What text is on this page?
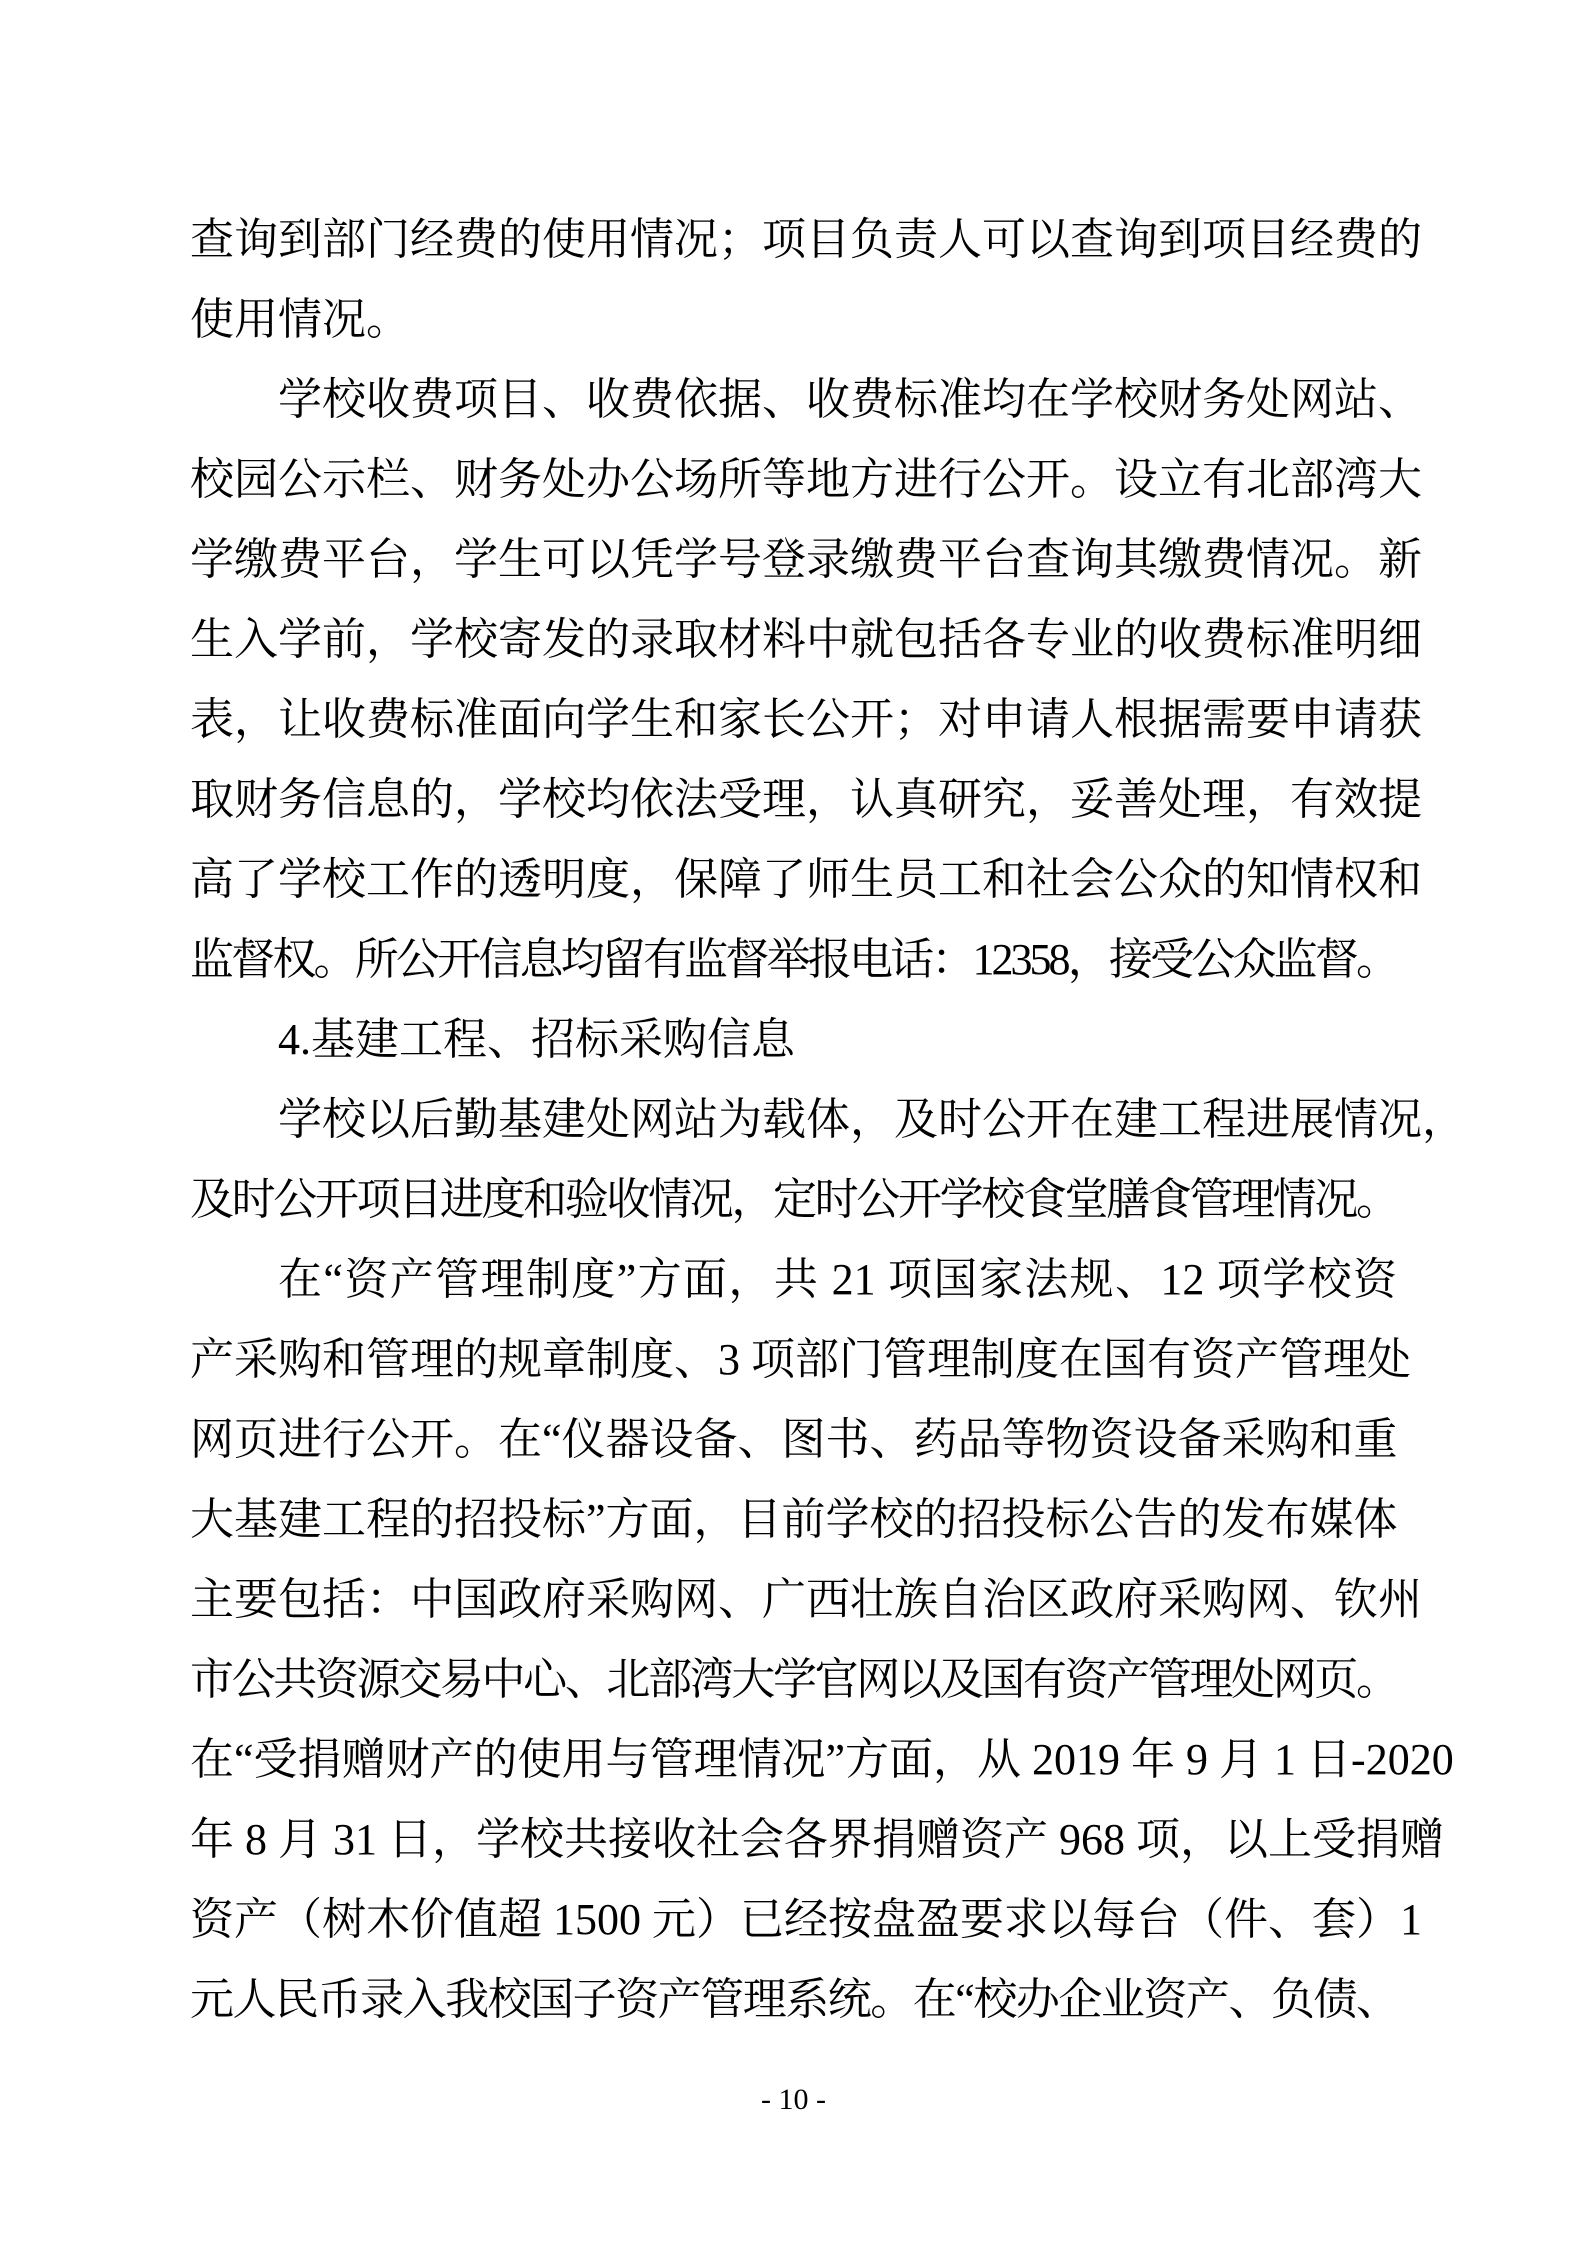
查询到部门经费的使用情况；项目负责人可以查询到项目经费的
使用情况。
学校收费项目、收费依据、收费标准均在学校财务处网站、
校园公示栏、财务处办公场所等地方进行公开。设立有北部湾大
学缴费平台，学生可以凭学号登录缴费平台查询其缴费情况。新
生入学前，学校寄发的录取材料中就包括各专业的收费标准明细
表，让收费标准面向学生和家长公开；对申请人根据需要申请获
取财务信息的，学校均依法受理，认真研究，妥善处理，有效提
高了学校工作的透明度，保障了师生员工和社会公众的知情权和
监督权。所公开信息均留有监督举报电话：12358，接受公众监督。
4.基建工程、招标采购信息
学校以后勤基建处网站为载体，及时公开在建工程进展情况，
及时公开项目进度和验收情况，定时公开学校食堂膳食管理情况。
在“资产管理制度”方面，共 21 项国家法规、12 项学校资
产采购和管理的规章制度、3 项部门管理制度在国有资产管理处
网页进行公开。在“仪器设备、图书、药品等物资设备采购和重
大基建工程的招投标”方面，目前学校的招投标公告的发布媒体
主要包括：中国政府采购网、广西壮族自治区政府采购网、钦州
市公共资源交易中心、北部湾大学官网以及国有资产管理处网页。
在“受捐赠财产的使用与管理情况”方面，从 2019 年 9 月 1 日-2020
年 8 月 31 日，学校共接收社会各界捐赠资产 968 项，以上受捐赠
资产（树木价值超 1500 元）已经按盘盈要求以每台（件、套）1
元人民币录入我校国子资产管理系统。在“校办企业资产、负债、
- 10 -
